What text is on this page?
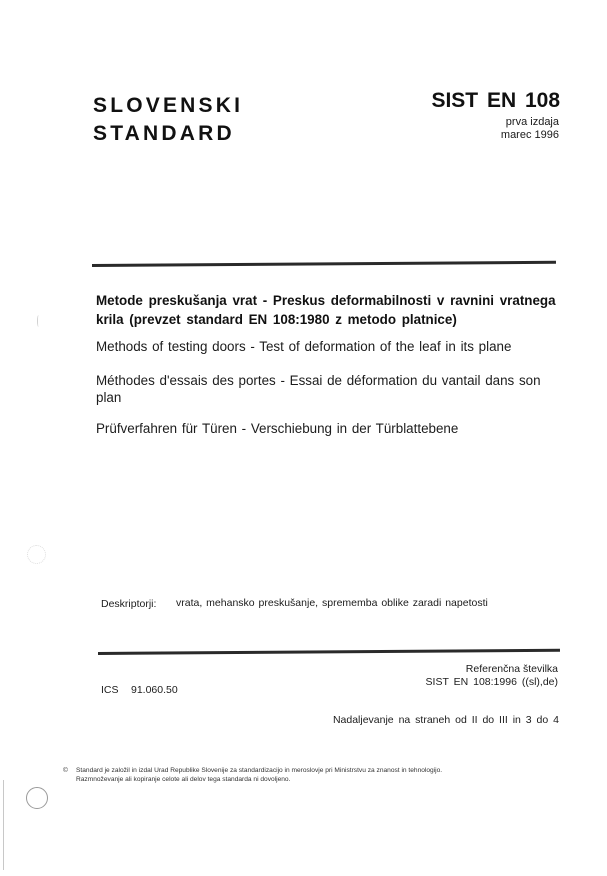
SLOVENSKI
STANDARD
SIST EN 108
prva izdaja
marec 1996
Metode preskušanja vrat - Preskus deformabilnosti v ravnini vratnega krila (prevzet standard EN 108:1980 z metodo platnice)
Methods of testing doors - Test of deformation of the leaf in its plane
Méthodes d'essais des portes - Essai de déformation du vantail dans son plan
Prüfverfahren für Türen - Verschiebung in der Türblattebene
Deskriptorji: vrata, mehansko preskušanje, sprememba oblike zaradi napetosti
Referenčna številka
SIST EN 108:1996 ((sl),de)
ICS 91.060.50
Nadaljevanje na straneh od II do III in 3 do 4
© Standard je založil in izdal Urad Republike Slovenije za standardizacijo in meroslovje pri Ministrstvu za znanost in tehnologijo.
Razmnoževanje ali kopiranje celote ali delov tega standarda ni dovoljeno.
